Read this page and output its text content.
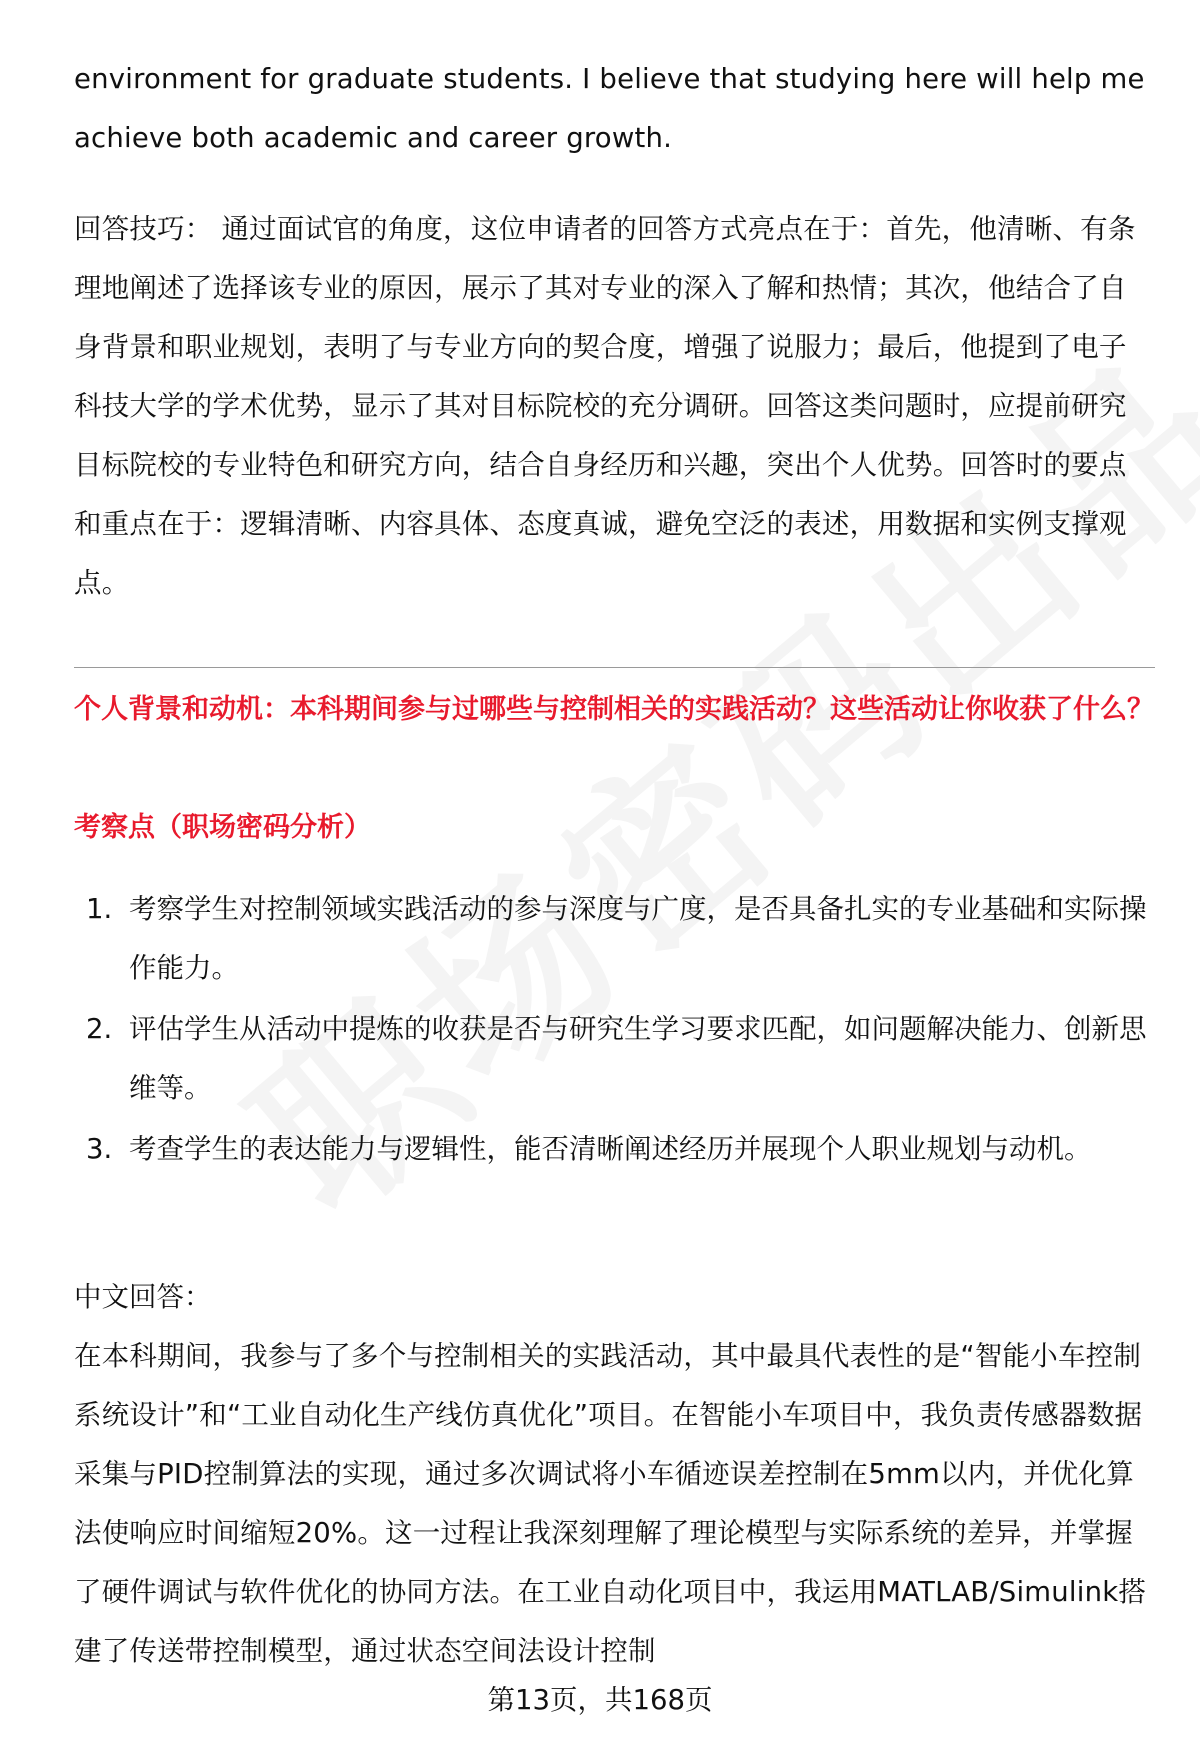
environment for graduate students. I believe that studying here will help me achieve both academic and career growth.

回答技巧： 通过面试官的角度，这位申请者的回答方式亮点在于：首先，他清晰、有条理地阐述了选择该专业的原因，展示了其对专业的深入了解和热情；其次，他结合了自身背景和职业规划，表明了与专业方向的契合度，增强了说服力；最后，他提到了电子科技大学的学术优势，显示了其对目标院校的充分调研。回答这类问题时，应提前研究目标院校的专业特色和研究方向，结合自身经历和兴趣，突出个人优势。回答时的要点和重点在于：逻辑清晰、内容具体、态度真诚，避免空泛的表述，用数据和实例支撑观点。

个人背景和动机：本科期间参与过哪些与控制相关的实践活动？这些活动让你收获了什么？

考察点（职场密码分析）

1. 考察学生对控制领域实践活动的参与深度与广度，是否具备扎实的专业基础和实际操作能力。
2. 评估学生从活动中提炼的收获是否与研究生学习要求匹配，如问题解决能力、创新思维等。
3. 考查学生的表达能力与逻辑性，能否清晰阐述经历并展现个人职业规划与动机。

中文回答：

在本科期间，我参与了多个与控制相关的实践活动，其中最具代表性的是“智能小车控制系统设计”和“工业自动化生产线仿真优化”项目。在智能小车项目中，我负责传感器数据采集与PID控制算法的实现，通过多次调试将小车循迹误差控制在5mm以内，并优化算法使响应时间缩短20%。这一过程让我深刻理解了理论模型与实际系统的差异，并掌握了硬件调试与软件优化的协同方法。在工业自动化项目中，我运用MATLAB/Simulink搭建了传送带控制模型，通过状态空间法设计控制

第13页，共168页
